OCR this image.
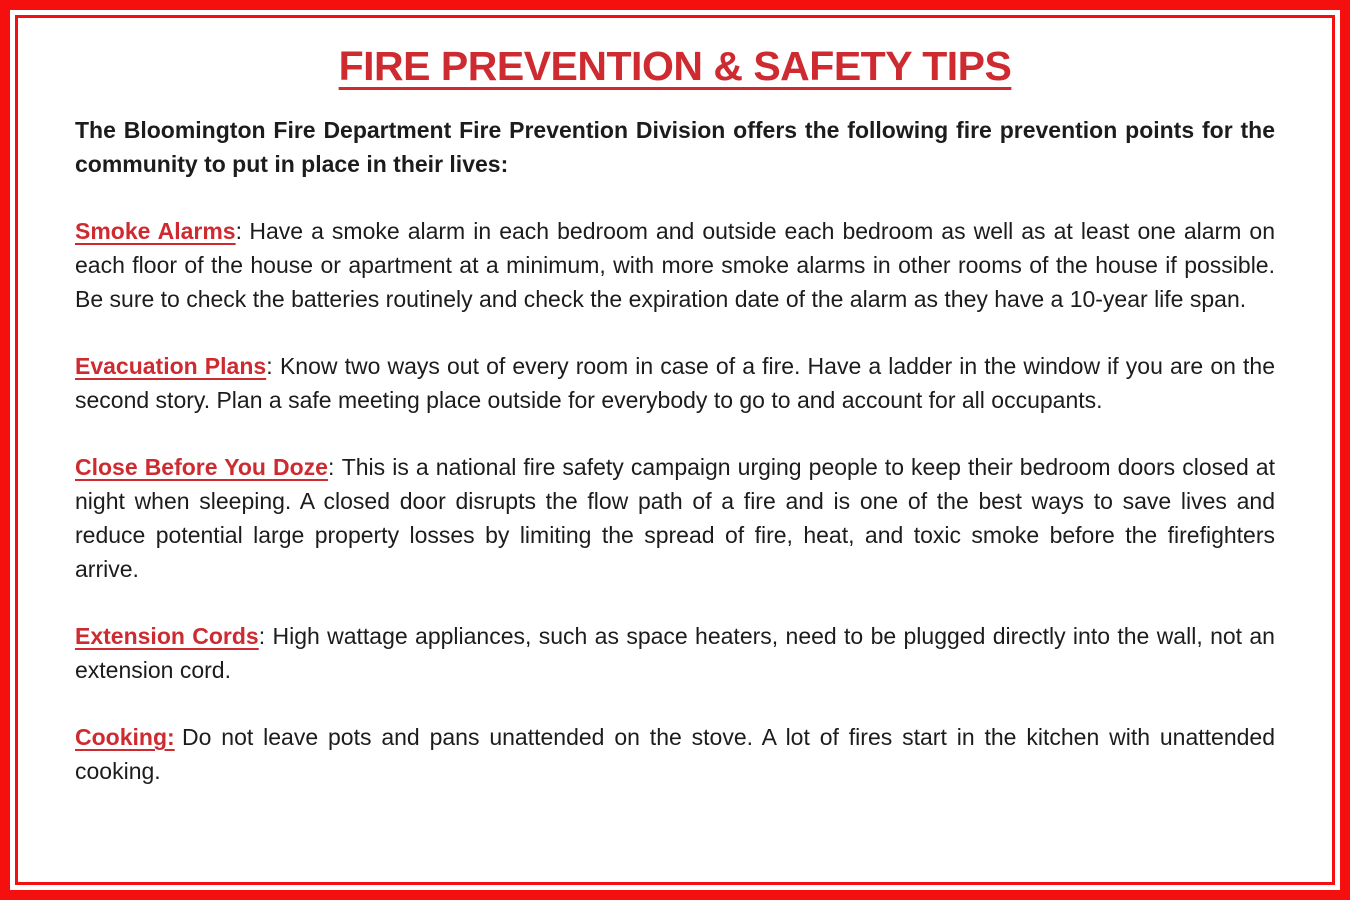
FIRE PREVENTION & SAFETY TIPS

The Bloomington Fire Department Fire Prevention Division offers the following fire prevention points for the community to put in place in their lives:

Smoke Alarms: Have a smoke alarm in each bedroom and outside each bedroom as well as at least one alarm on each floor of the house or apartment at a minimum, with more smoke alarms in other rooms of the house if possible. Be sure to check the batteries routinely and check the expiration date of the alarm as they have a 10-year life span.

Evacuation Plans: Know two ways out of every room in case of a fire. Have a ladder in the window if you are on the second story. Plan a safe meeting place outside for everybody to go to and account for all occupants.

Close Before You Doze: This is a national fire safety campaign urging people to keep their bedroom doors closed at night when sleeping. A closed door disrupts the flow path of a fire and is one of the best ways to save lives and reduce potential large property losses by limiting the spread of fire, heat, and toxic smoke before the firefighters arrive.

Extension Cords: High wattage appliances, such as space heaters, need to be plugged directly into the wall, not an extension cord.

Cooking: Do not leave pots and pans unattended on the stove. A lot of fires start in the kitchen with unattended cooking.
